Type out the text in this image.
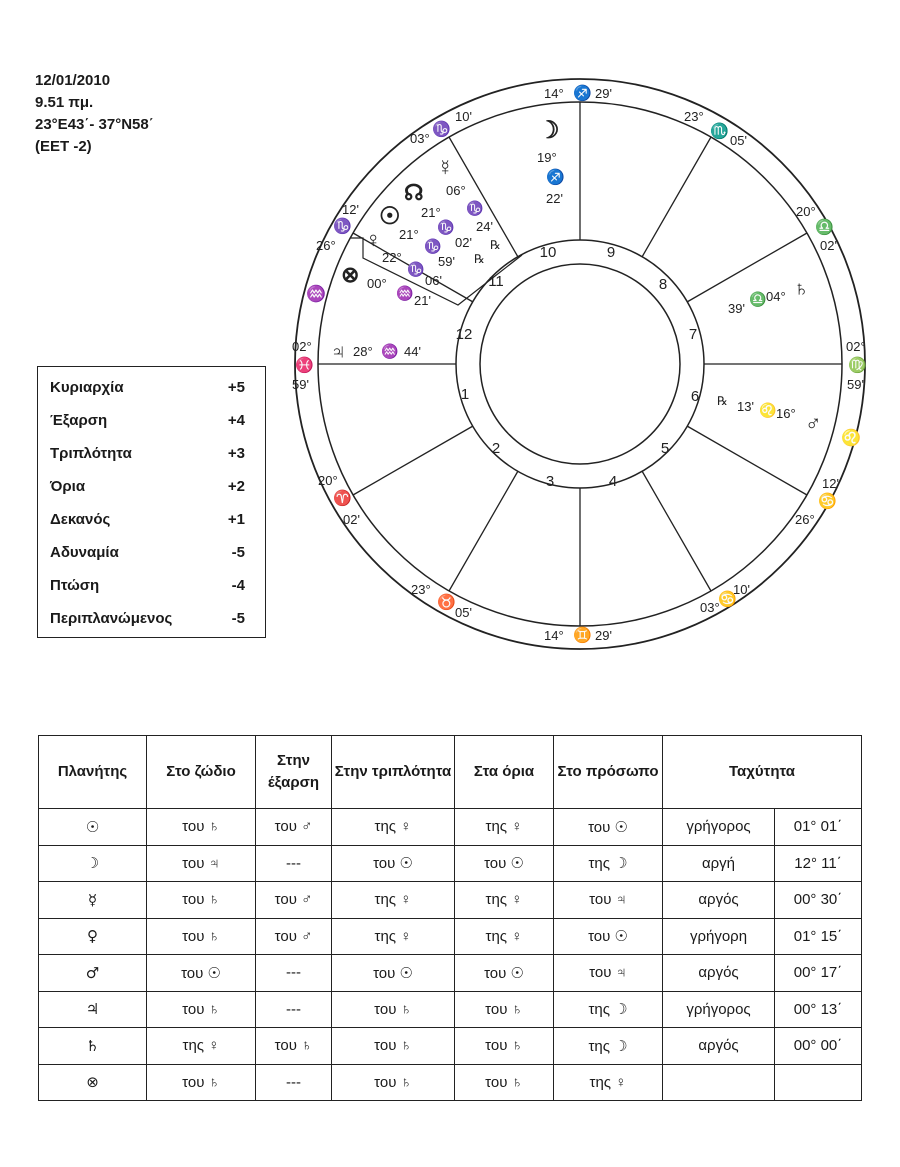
12/01/2010
9.51 πμ.
23°E43΄- 37°N58΄
(EET -2)
Κυριαρχία	+5
Έξαρση	+4
Τριπλότητα	+3
Όρια	+2
Δεκανός	+1
Αδυναμία	-5
Πτώση	-4
Περιπλανώμενος	-5
10	9
8
7
6
5
4
3
2
1
12
11
14° ♐ 29'
14° ♊ 29'
23°
♏
05'
23°
♉
05'
20°
♎
02'
20°
♈
02'
02°
♍
59'
02°
♓
59'
12'
♋
26°
12'
♑
26°
03°
♋
10'
03°
♑
10'
♒
♌
☽
19°
♐
22'
☿
06°
♑
24'
℞
☊
21°
♑
02'
℞
☉
21°
♑
59'
♀
22°
♑
06'
⊗ 00°
♒ 21'
♃ 28° ♒ 44'
39'
♎ 04° ♄
℞ 13' ♌ 16° ♂
Πλανήτης	Στο ζώδιο	Στην έξαρση	Στην τριπλότητα	Στα όρια	Στο πρόσωπο	Ταχύτητα	
☉	του ♄	του ♂	της ♀	της ♀	του ☉	γρήγορος	01° 01΄
☽	του ♃	---	του ☉	του ☉	της ☽	αργή	12° 11΄
☿	του ♄	του ♂	της ♀	της ♀	του ♃	αργός	00° 30΄
♀	του ♄	του ♂	της ♀	της ♀	του ☉	γρήγορη	01° 15΄
♂	του ☉	---	του ☉	του ☉	του ♃	αργός	00° 17΄
♃	του ♄	---	του ♄	του ♄	της ☽	γρήγορος	00° 13΄
♄	της ♀	του ♄	του ♄	του ♄	της ☽	αργός	00° 00΄
⊗	του ♄	---	του ♄	του ♄	της ♀		
